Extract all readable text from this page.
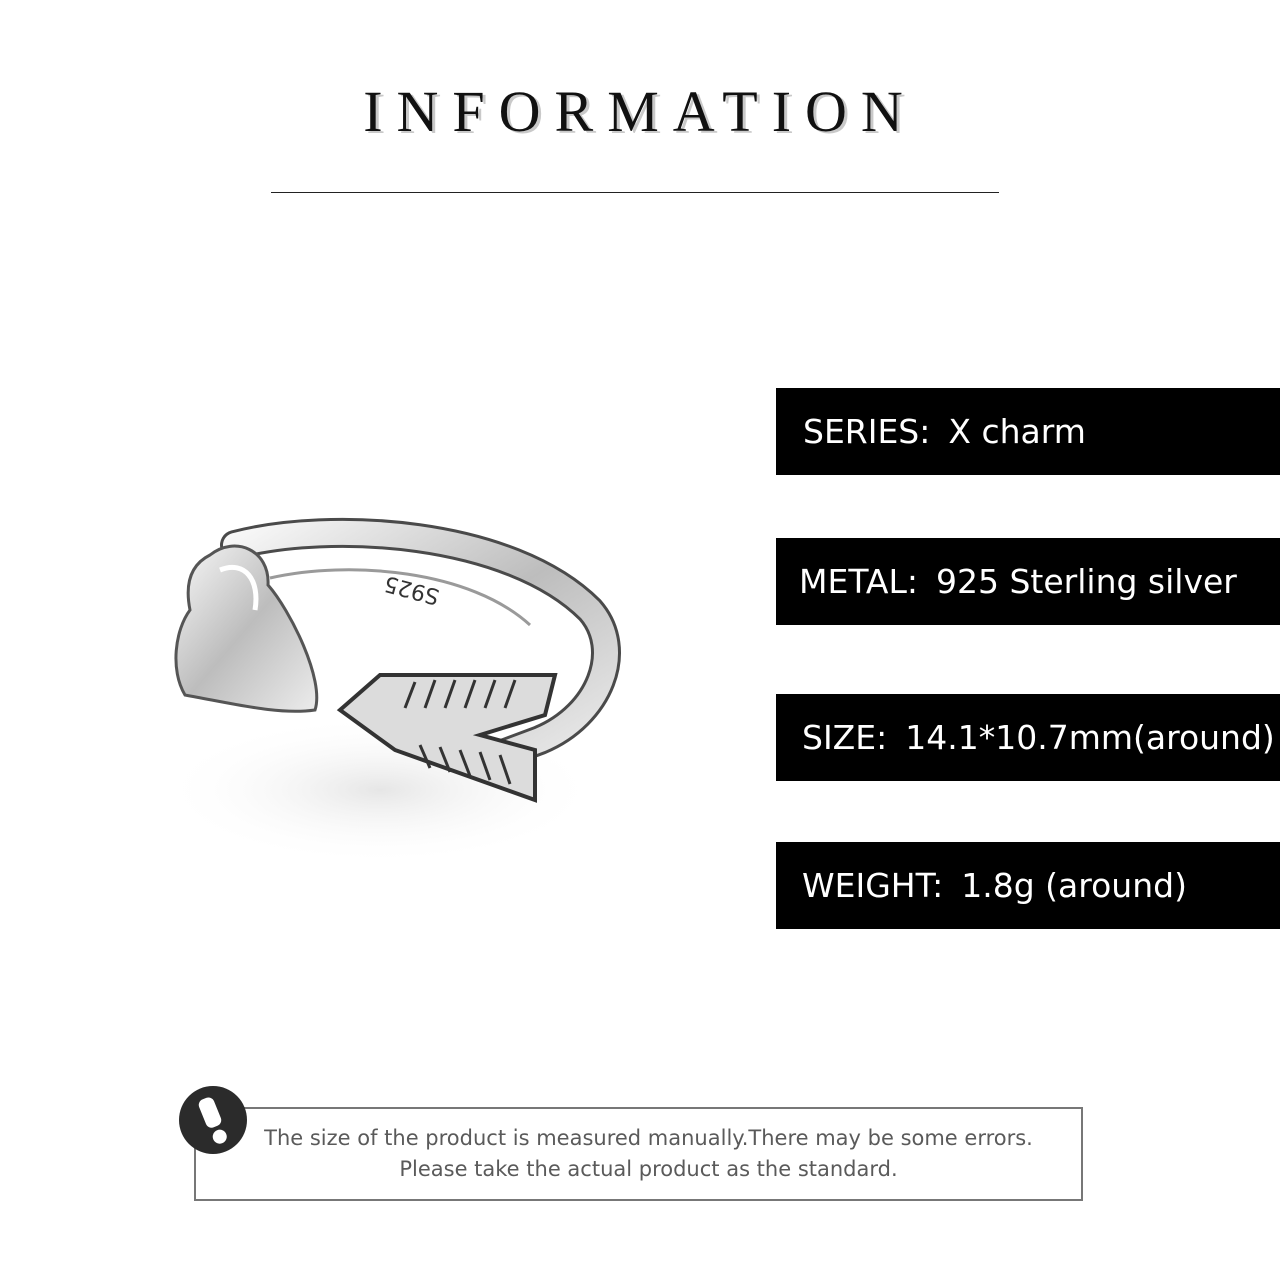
INFORMATION
S925
SERIES: X charm
METAL: 925 Sterling silver
SIZE: 14.1*10.7mm(around)
WEIGHT: 1.8g (around)
The size of the product is measured manually.There may be some errors.
Please take the actual product as the standard.
